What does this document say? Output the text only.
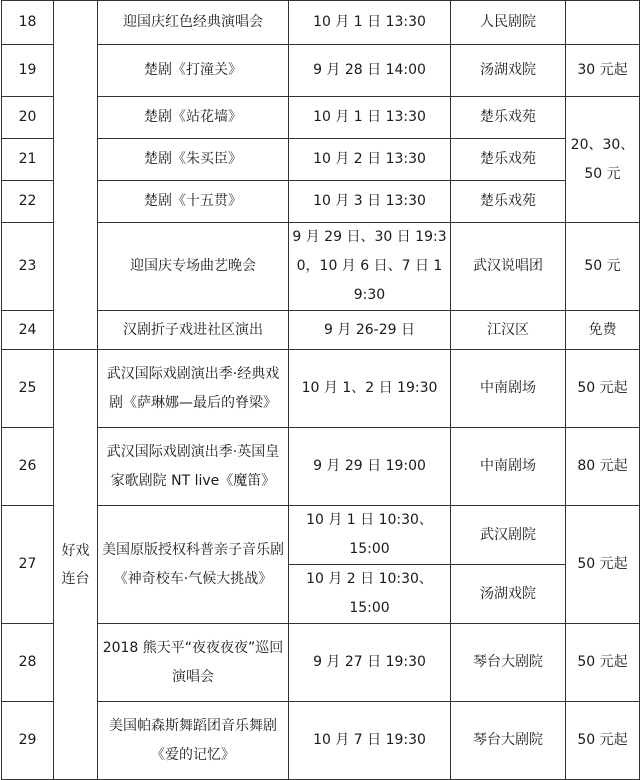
18		迎国庆红色经典演唱会	10 月 1 日 13:30	人民剧院	
19		楚剧《打潼关》	9 月 28 日 14:00	汤湖戏院	30 元起
20		楚剧《站花墙》	10 月 1 日 13:30	楚乐戏苑	20、30、50 元
21		楚剧《朱买臣》	10 月 2 日 13:30	楚乐戏苑	
22		楚剧《十五贯》	10 月 3 日 13:30	楚乐戏苑	
23		迎国庆专场曲艺晚会	9 月 29 日、30 日 19:30，10 月 6 日、7 日 19:30	武汉说唱团	50 元
24		汉剧折子戏进社区演出	9 月 26-29 日	江汉区	免费
25	好戏连台	武汉国际戏剧演出季·经典戏剧《萨琳娜—最后的脊梁》	10 月 1、2 日 19:30	中南剧场	50 元起
26		武汉国际戏剧演出季·英国皇家歌剧院 NT live《魔笛》	9 月 29 日 19:00	中南剧场	80 元起
27		美国原版授权科普亲子音乐剧《神奇校车·气候大挑战》	10 月 1 日 10:30、15:00	武汉剧院	50 元起
			10 月 2 日 10:30、15:00	汤湖戏院	
28		2018 熊天平“夜夜夜夜”巡回演唱会	9 月 27 日 19:30	琴台大剧院	50 元起
29		美国帕森斯舞蹈团音乐舞剧《爱的记忆》	10 月 7 日 19:30	琴台大剧院	50 元起
